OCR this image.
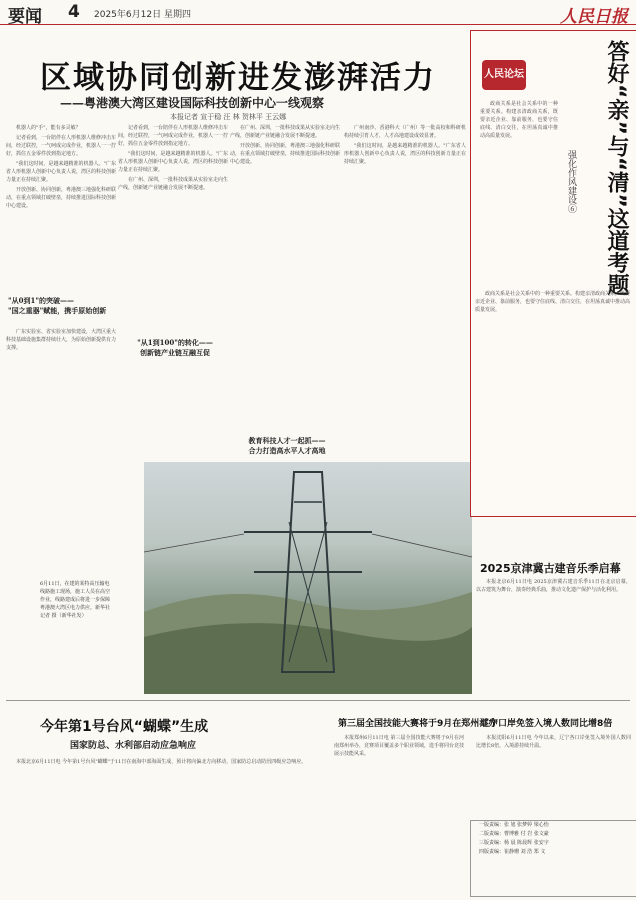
要闻 4 2025年6月12日 星期四	人民日报
区域协同创新进发澎湃活力
——粤港澳大湾区建设国际科技创新中心一线观察
本报记者 宣于稳 汪 林 贺林平 王云娜

机器人的"手"，能有多灵敏？

记者看到，一台陪伴在人形机器人维修冲击车间，经过联控，一气呵成完成作业，机器人一一拧好，抓住五金零件放到指定地方。

"我们这时间，是越来越精准的机器人。"广东省人形机器人创新中心负责人说，湾区的科技创新力量正在持续汇聚。

开放创新、协同创新，粤港澳三地强化科研联动，在重点领域打破壁垒，持续推进国际科技创新中心建设。

"从0到1"的突破——
"国之重器"赋能，携手原始创新

广东实验室、省实验室加快建设，大湾区重大科技基础设施集群持续壮大，为原始创新提供有力支撑。

记者看到，一台陪伴在人形机器人维修冲击车间，经过联控，一气呵成完成作业，机器人一一拧好，抓住五金零件放到指定地方。

"我们这时间，是越来越精准的机器人。"广东省人形机器人创新中心负责人说，湾区的科技创新力量正在持续汇聚。

在广州、深圳，一批科技成果从实验室走向生产线，创新链产业链融合发展不断提速。

"从1到100"的转化——
创新链产业链互融互促

在广州、深圳，一批科技成果从实验室走向生产线，创新链产业链融合发展不断提速。

开放创新、协同创新，粤港澳三地强化科研联动，在重点领域打破壁垒，持续推进国际科技创新中心建设。

教育科技人才一起抓——
合力打造高水平人才高地

广州南沙、香港科大（广州）等一批高校和科研机构持续引育人才，人才高地建设成效显著。

"我们这时间，是越来越精准的机器人。"广东省人形机器人创新中心负责人说，湾区的科技创新力量正在持续汇聚。

6月11日，在建的某特高压输电线路施工现场，施工人员在高空作业，线路建成后将进一步保障粤港澳大湾区电力供应。新华社记者 摄（新华社发）
人民论坛	答好“亲”与“清”这道考题
强化作风建设⑥

政商关系是社会关系中的一种重要关系。构建亲清政商关系，既要亲近企业、靠前服务，也要守住底线、清白交往，在坦荡真诚中推动高质量发展。

政商关系是社会关系中的一种重要关系。构建亲清政商关系，既要亲近企业、靠前服务，也要守住底线、清白交往，在坦荡真诚中推动高质量发展。

2025京津冀古建音乐季启幕

本报北京6月11日电 2025京津冀古建音乐季11日在北京启幕，以古建筑为舞台，演奏经典乐曲，推动文化遗产保护与活化利用。

今年第1号台风“蝴蝶”生成
国家防总、水利部启动应急响应

本报北京6月11日电 今年第1号台风"蝴蝶"于11日在南海中部海面生成，预计将向偏北方向移动，国家防总启动防汛四级应急响应。

第三届全国技能大赛将于9月在郑州举办

本报郑州6月11日电 第三届全国技能大赛将于9月在河南郑州举办，竞赛项目覆盖多个职业领域，选手将同台竞技展示技能风采。

辽宁口岸免签入境人数同比增8倍

本报沈阳6月11日电 今年以来，辽宁各口岸免签入境外国人数同比增长8倍，入境游持续升温。

一版责编：张 旭 张梦婷 梁心怡
二版责编：曹博雅 付 岩 张文豪
三版责编：杨 晨 陈晨辉 张安宇
四版责编：崔静珊 刘 浩 郑 文
